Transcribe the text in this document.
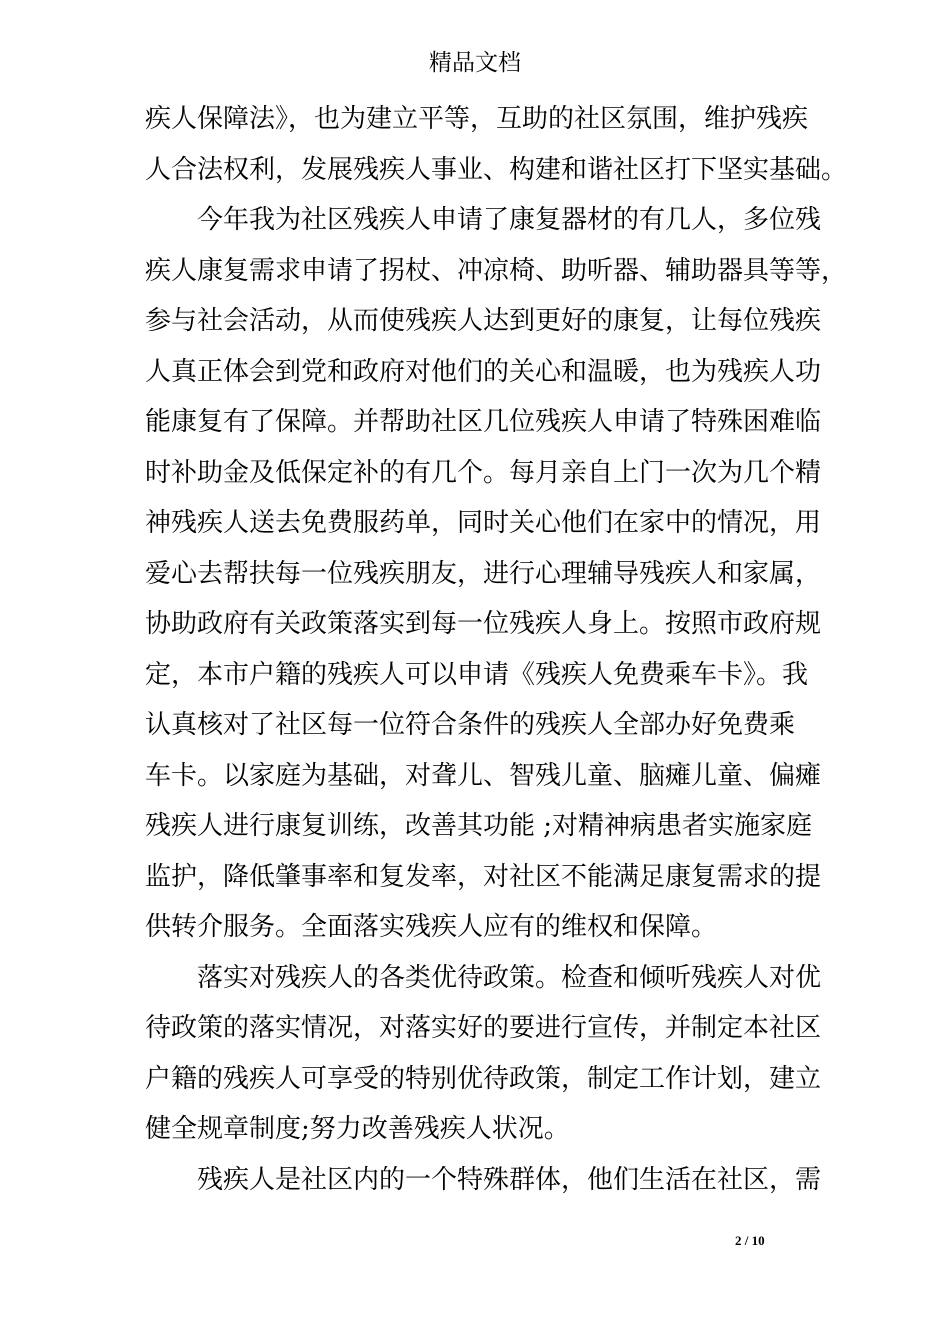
精品文档
疾人保障法》，也为建立平等，互助的社区氛围，维护残疾
人合法权利，发展残疾人事业、构建和谐社区打下坚实基础。
今年我为社区残疾人申请了康复器材的有几人，多位残
疾人康复需求申请了拐杖、冲凉椅、助听器、辅助器具等等，
参与社会活动，从而使残疾人达到更好的康复，让每位残疾
人真正体会到党和政府对他们的关心和温暖，也为残疾人功
能康复有了保障。并帮助社区几位残疾人申请了特殊困难临
时补助金及低保定补的有几个。每月亲自上门一次为几个精
神残疾人送去免费服药单，同时关心他们在家中的情况，用
爱心去帮扶每一位残疾朋友，进行心理辅导残疾人和家属，
协助政府有关政策落实到每一位残疾人身上。按照市政府规
定，本市户籍的残疾人可以申请《残疾人免费乘车卡》。我
认真核对了社区每一位符合条件的残疾人全部办好免费乘
车卡。以家庭为基础，对聋儿、智残儿童、脑瘫儿童、偏瘫
残疾人进行康复训练，改善其功能 ;对精神病患者实施家庭
监护，降低肇事率和复发率，对社区不能满足康复需求的提
供转介服务。全面落实残疾人应有的维权和保障。
落实对残疾人的各类优待政策。检查和倾听残疾人对优
待政策的落实情况，对落实好的要进行宣传，并制定本社区
户籍的残疾人可享受的特别优待政策，制定工作计划，建立
健全规章制度;努力改善残疾人状况。
残疾人是社区内的一个特殊群体，他们生活在社区，需
2 / 10
